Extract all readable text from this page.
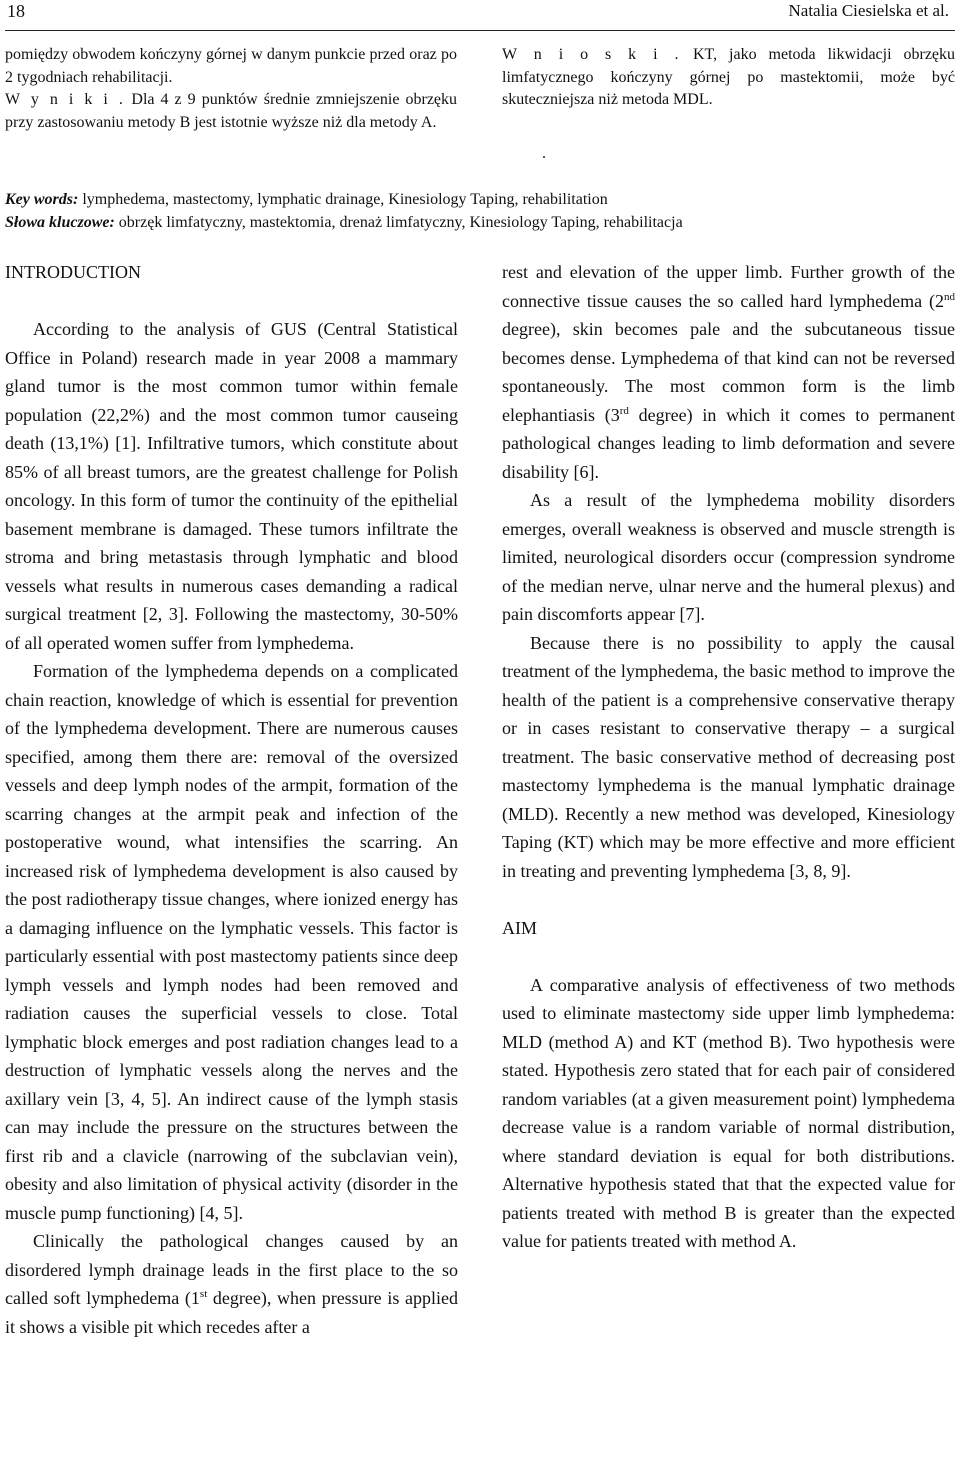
18	Natalia Ciesielska et al.
pomiędzy obwodem kończyny górnej w danym punkcie przed oraz po 2 tygodniach rehabilitacji.
W y n i k i . Dla 4 z 9 punktów średnie zmniejszenie obrzęku przy zastosowaniu metody B jest istotnie wyższe niż dla metody A.
W n i o s k i . KT, jako metoda likwidacji obrzęku limfatycznego kończyny górnej po mastektomii, może być skuteczniejsza niż metoda MDL.
.
Key words: lymphedema, mastectomy, lymphatic drainage, Kinesiology Taping, rehabilitation
Słowa kluczowe: obrzęk limfatyczny, mastektomia, drenaż limfatyczny, Kinesiology Taping, rehabilitacja
INTRODUCTION

According to the analysis of GUS (Central Statistical Office in Poland) research made in year 2008 a mammary gland tumor is the most common tumor within female population (22,2%) and the most common tumor causeing death (13,1%) [1]. Infiltrative tumors, which constitute about 85% of all breast tumors, are the greatest challenge for Polish oncology. In this form of tumor the continuity of the epithelial basement membrane is damaged. These tumors infiltrate the stroma and bring metastasis through lymphatic and blood vessels what results in numerous cases demanding a radical surgical treatment [2, 3]. Following the mastectomy, 30-50% of all operated women suffer from lymphedema.

Formation of the lymphedema depends on a complicated chain reaction, knowledge of which is essential for prevention of the lymphedema development. There are numerous causes specified, among them there are: removal of the oversized vessels and deep lymph nodes of the armpit, formation of the scarring changes at the armpit peak and infection of the postoperative wound, what intensifies the scarring. An increased risk of lymphedema development is also caused by the post radiotherapy tissue changes, where ionized energy has a damaging influence on the lymphatic vessels. This factor is particularly essential with post mastectomy patients since deep lymph vessels and lymph nodes had been removed and radiation causes the superficial vessels to close. Total lymphatic block emerges and post radiation changes lead to a destruction of lymphatic vessels along the nerves and the axillary vein [3, 4, 5]. An indirect cause of the lymph stasis can may include the pressure on the structures between the first rib and a clavicle (narrowing of the subclavian vein), obesity and also limitation of physical activity (disorder in the muscle pump functioning) [4, 5].

Clinically the pathological changes caused by an disordered lymph drainage leads in the first place to the so called soft lymphedema (1st degree), when pressure is applied it shows a visible pit which recedes after a

rest and elevation of the upper limb. Further growth of the connective tissue causes the so called hard lymphedema (2nd degree), skin becomes pale and the subcutaneous tissue becomes dense. Lymphedema of that kind can not be reversed spontaneously. The most common form is the limb elephantiasis (3rd degree) in which it comes to permanent pathological changes leading to limb deformation and severe disability [6].

As a result of the lymphedema mobility disorders emerges, overall weakness is observed and muscle strength is limited, neurological disorders occur (compression syndrome of the median nerve, ulnar nerve and the humeral plexus) and pain discomforts appear [7].

Because there is no possibility to apply the causal treatment of the lymphedema, the basic method to improve the health of the patient is a comprehensive conservative therapy or in cases resistant to conservative therapy – a surgical treatment. The basic conservative method of decreasing post mastectomy lymphedema is the manual lymphatic drainage (MLD). Recently a new method was developed, Kinesiology Taping (KT) which may be more effective and more efficient in treating and preventing lymphedema [3, 8, 9].

AIM

A comparative analysis of effectiveness of two methods used to eliminate mastectomy side upper limb lymphedema: MLD (method A) and KT (method B). Two hypothesis were stated. Hypothesis zero stated that for each pair of considered random variables (at a given measurement point) lymphedema decrease value is a random variable of normal distribution, where standard deviation is equal for both distributions. Alternative hypothesis stated that that the expected value for patients treated with method B is greater than the expected value for patients treated with method A.
